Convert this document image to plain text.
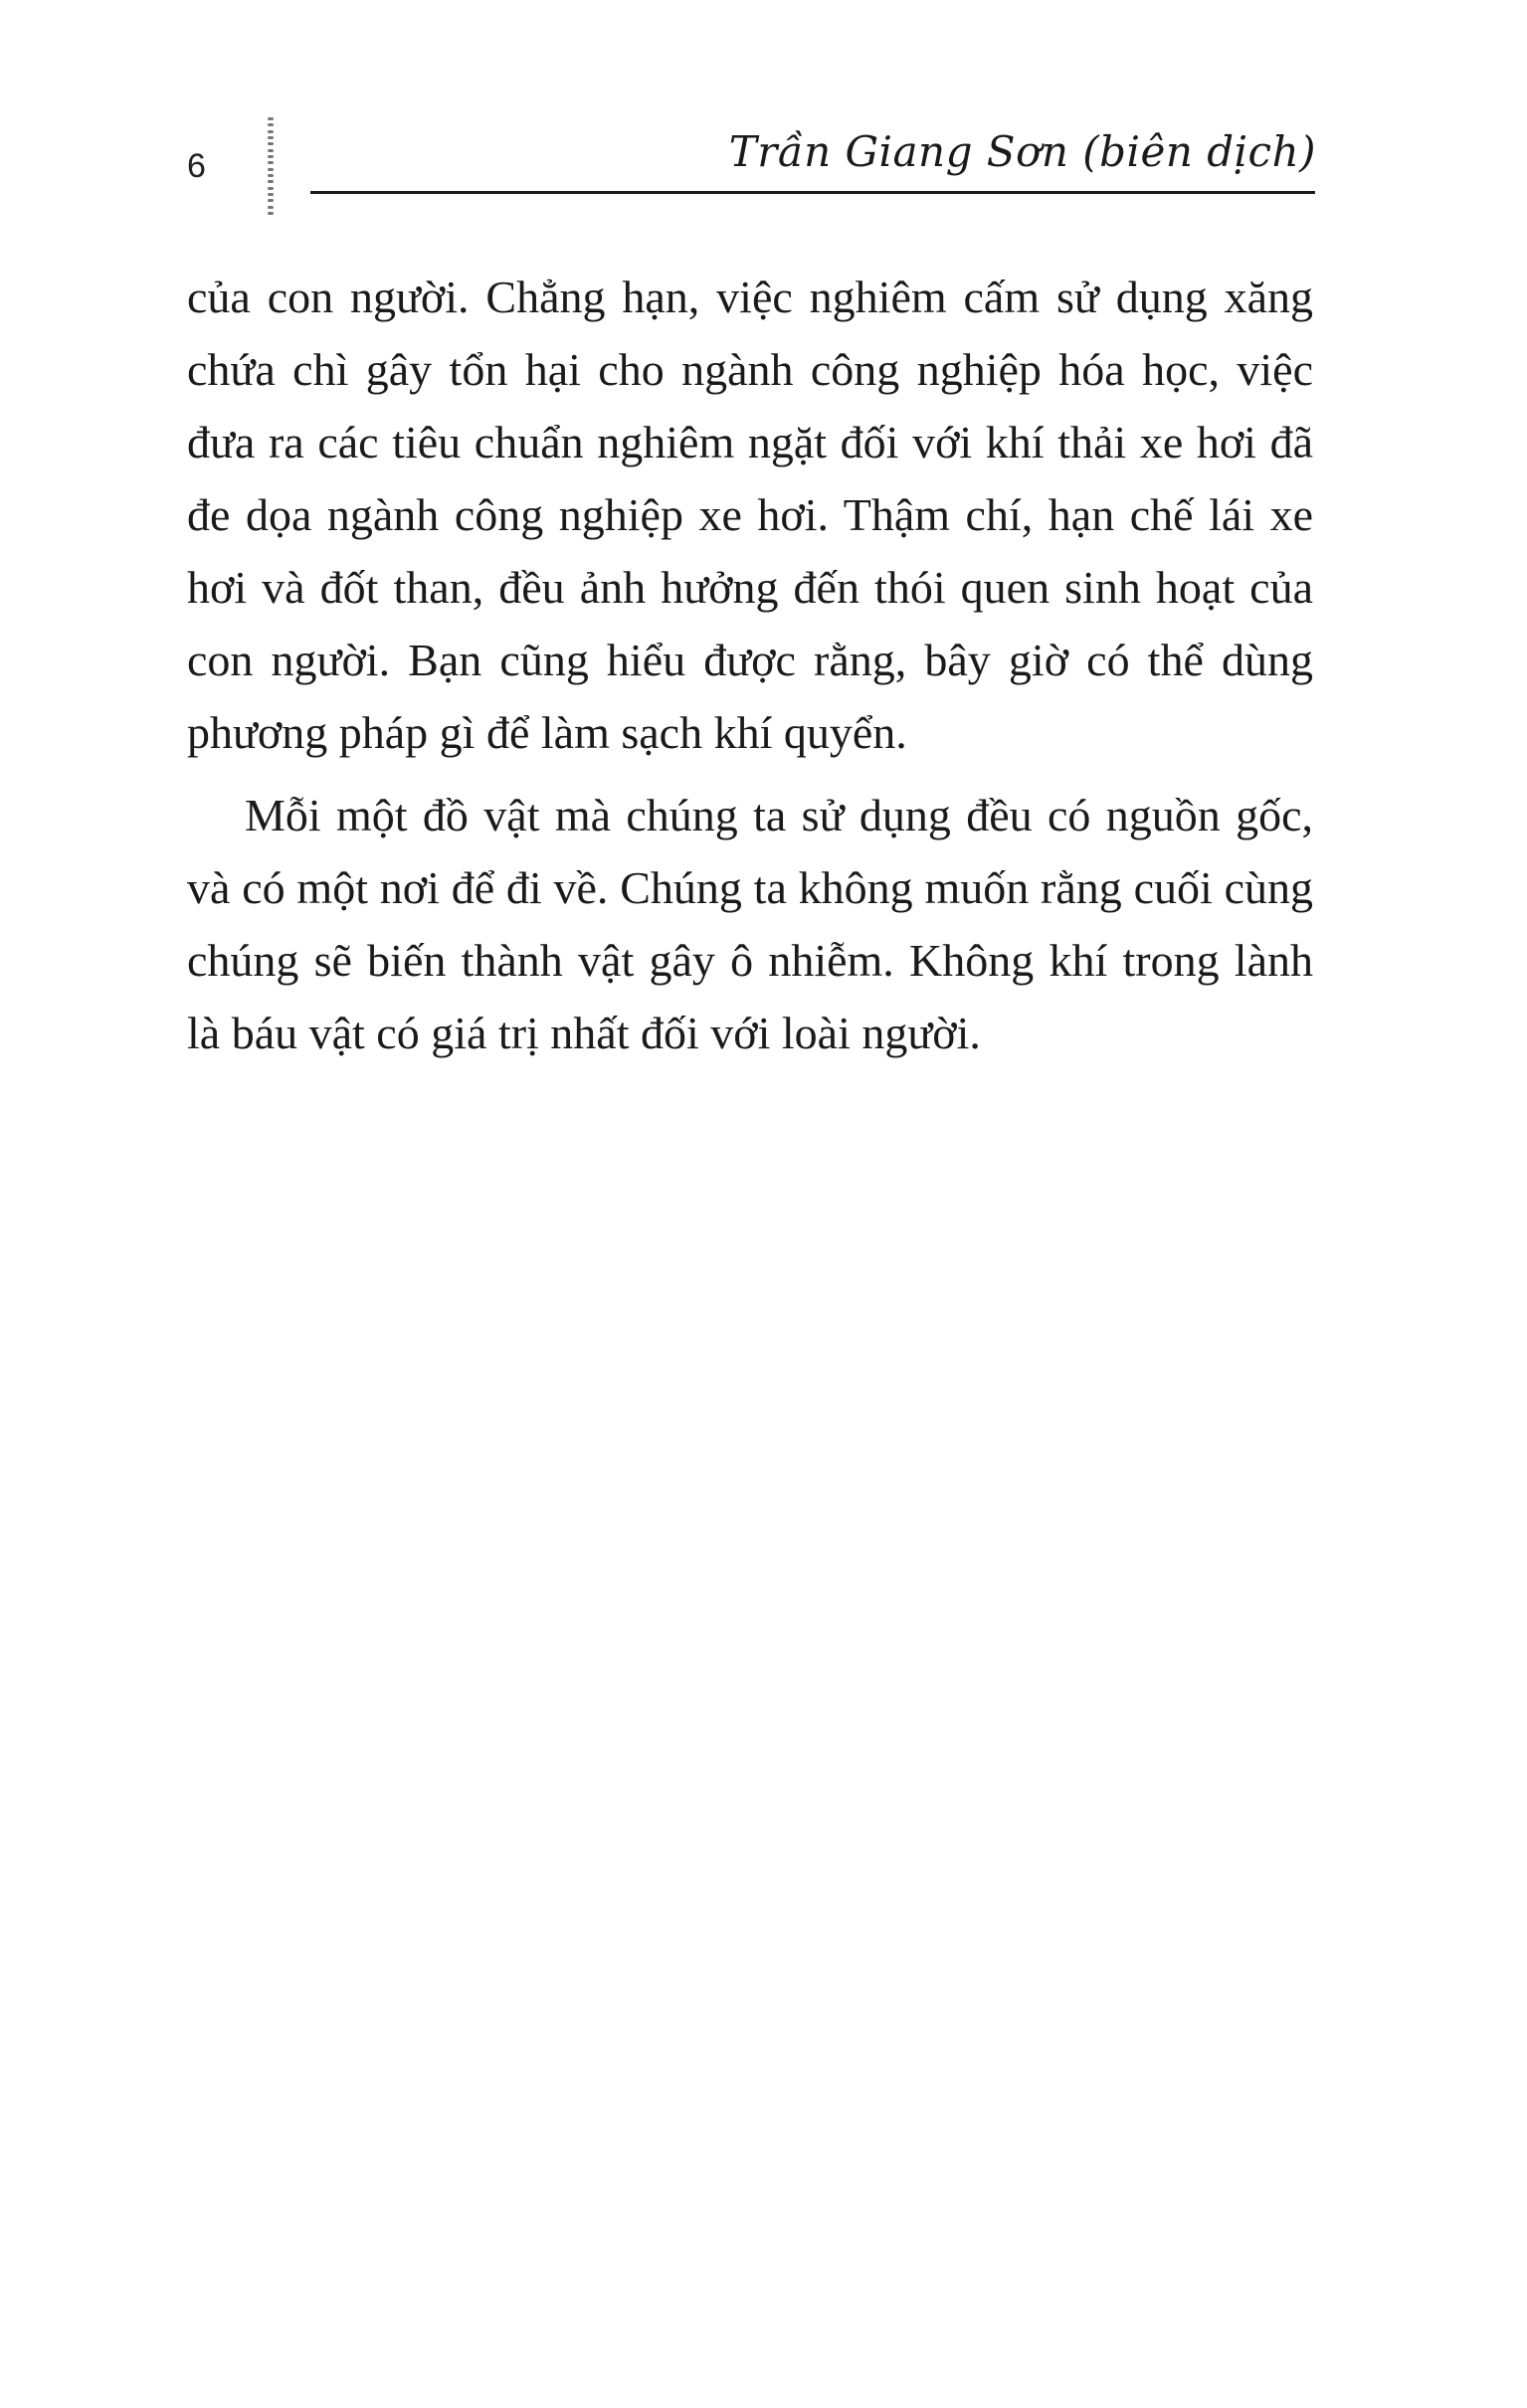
6	Trần Giang Sơn (biên dịch)

của con người. Chẳng hạn, việc nghiêm cấm sử dụng xăng chứa chì gây tổn hại cho ngành công nghiệp hóa học, việc đưa ra các tiêu chuẩn nghiêm ngặt đối với khí thải xe hơi đã đe dọa ngành công nghiệp xe hơi. Thậm chí, hạn chế lái xe hơi và đốt than, đều ảnh hưởng đến thói quen sinh hoạt của con người. Bạn cũng hiểu được rằng, bây giờ có thể dùng phương pháp gì để làm sạch khí quyển.

Mỗi một đồ vật mà chúng ta sử dụng đều có nguồn gốc, và có một nơi để đi về. Chúng ta không muốn rằng cuối cùng chúng sẽ biến thành vật gây ô nhiễm. Không khí trong lành là báu vật có giá trị nhất đối với loài người.
